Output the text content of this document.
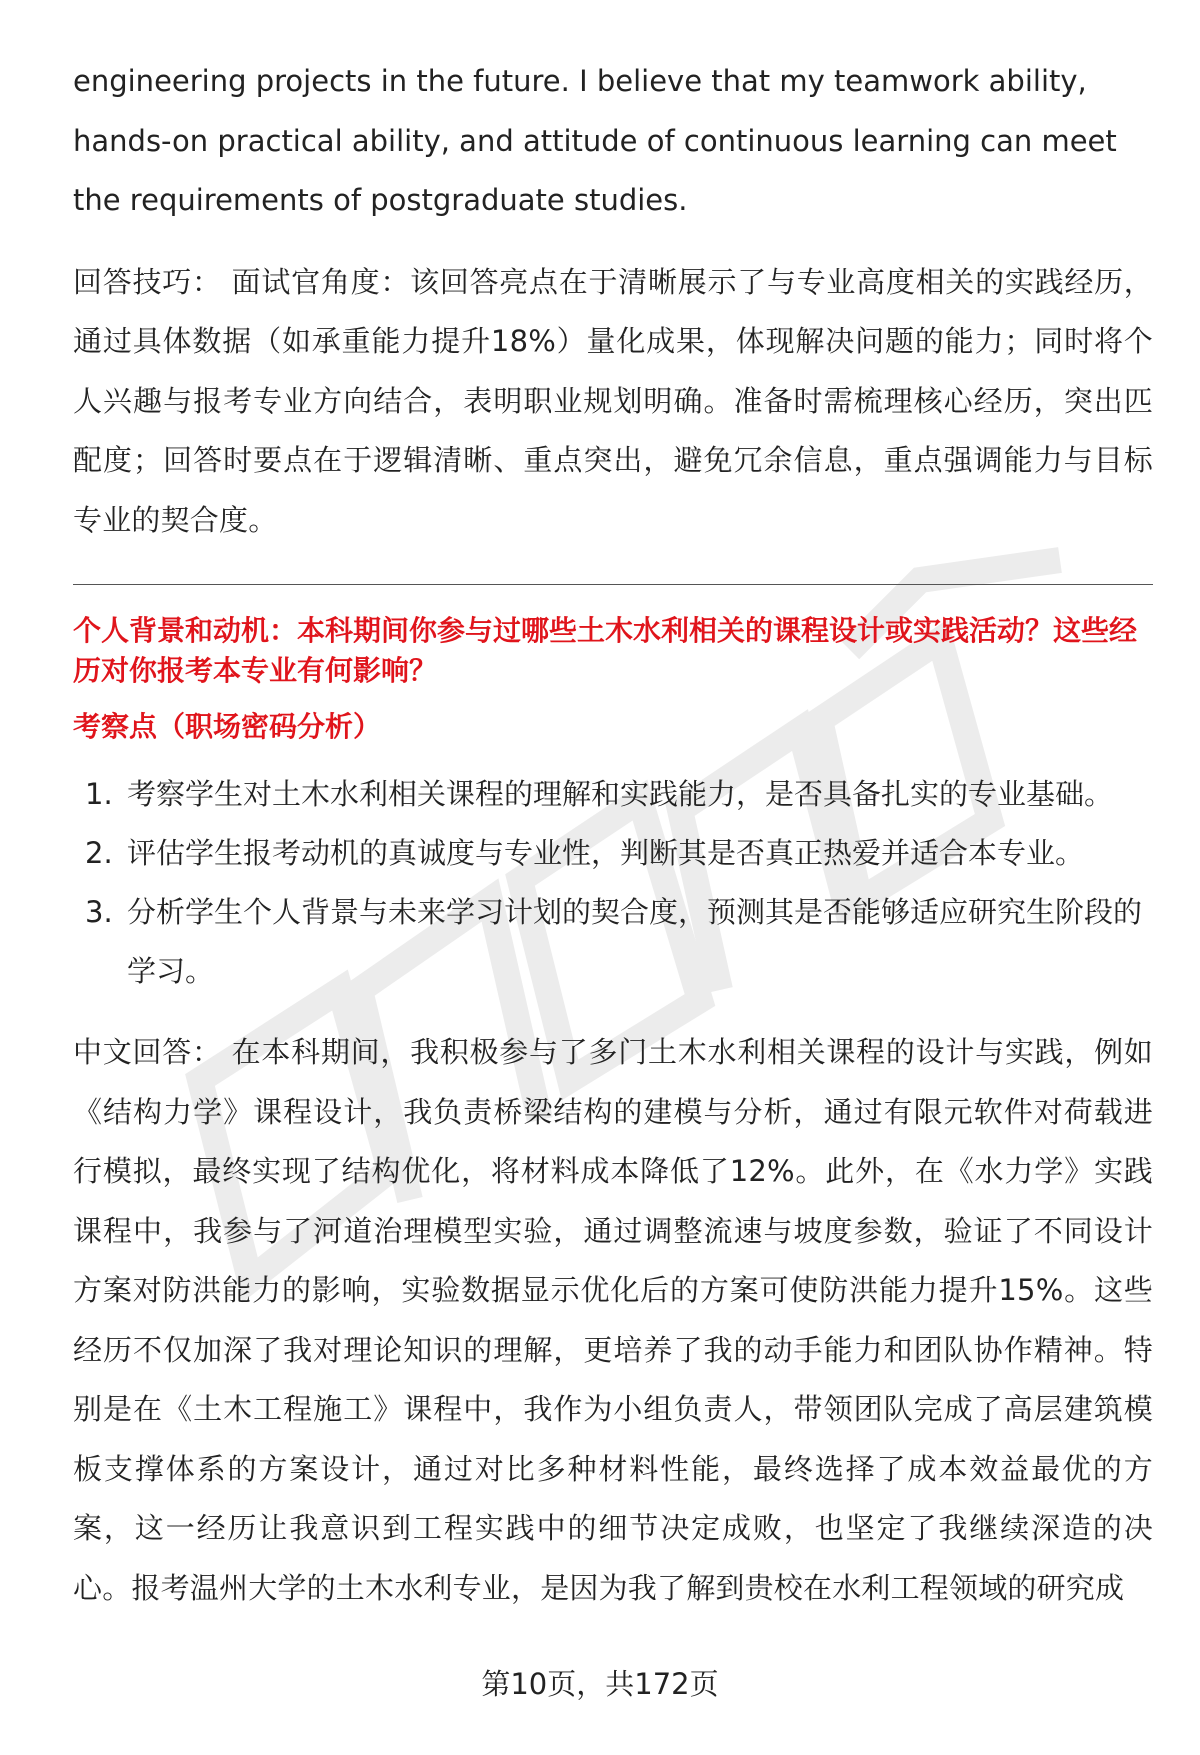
engineering projects in the future. I believe that my teamwork ability, hands-on practical ability, and attitude of continuous learning can meet the requirements of postgraduate studies.

回答技巧： 面试官角度：该回答亮点在于清晰展示了与专业高度相关的实践经历，通过具体数据（如承重能力提升18%）量化成果，体现解决问题的能力；同时将个人兴趣与报考专业方向结合，表明职业规划明确。准备时需梳理核心经历，突出匹配度；回答时要点在于逻辑清晰、重点突出，避免冗余信息，重点强调能力与目标专业的契合度。

个人背景和动机：本科期间你参与过哪些土木水利相关的课程设计或实践活动？这些经历对你报考本专业有何影响？

考察点（职场密码分析）

1. 考察学生对土木水利相关课程的理解和实践能力，是否具备扎实的专业基础。
2. 评估学生报考动机的真诚度与专业性，判断其是否真正热爱并适合本专业。
3. 分析学生个人背景与未来学习计划的契合度，预测其是否能够适应研究生阶段的学习。

中文回答： 在本科期间，我积极参与了多门土木水利相关课程的设计与实践，例如《结构力学》课程设计，我负责桥梁结构的建模与分析，通过有限元软件对荷载进行模拟，最终实现了结构优化，将材料成本降低了12%。此外，在《水力学》实践课程中，我参与了河道治理模型实验，通过调整流速与坡度参数，验证了不同设计方案对防洪能力的影响，实验数据显示优化后的方案可使防洪能力提升15%。这些经历不仅加深了我对理论知识的理解，更培养了我的动手能力和团队协作精神。特别是在《土木工程施工》课程中，我作为小组负责人，带领团队完成了高层建筑模板支撑体系的方案设计，通过对比多种材料性能，最终选择了成本效益最优的方案，这一经历让我意识到工程实践中的细节决定成败，也坚定了我继续深造的决心。报考温州大学的土木水利专业，是因为我了解到贵校在水利工程领域的研究成

第10页，共172页
